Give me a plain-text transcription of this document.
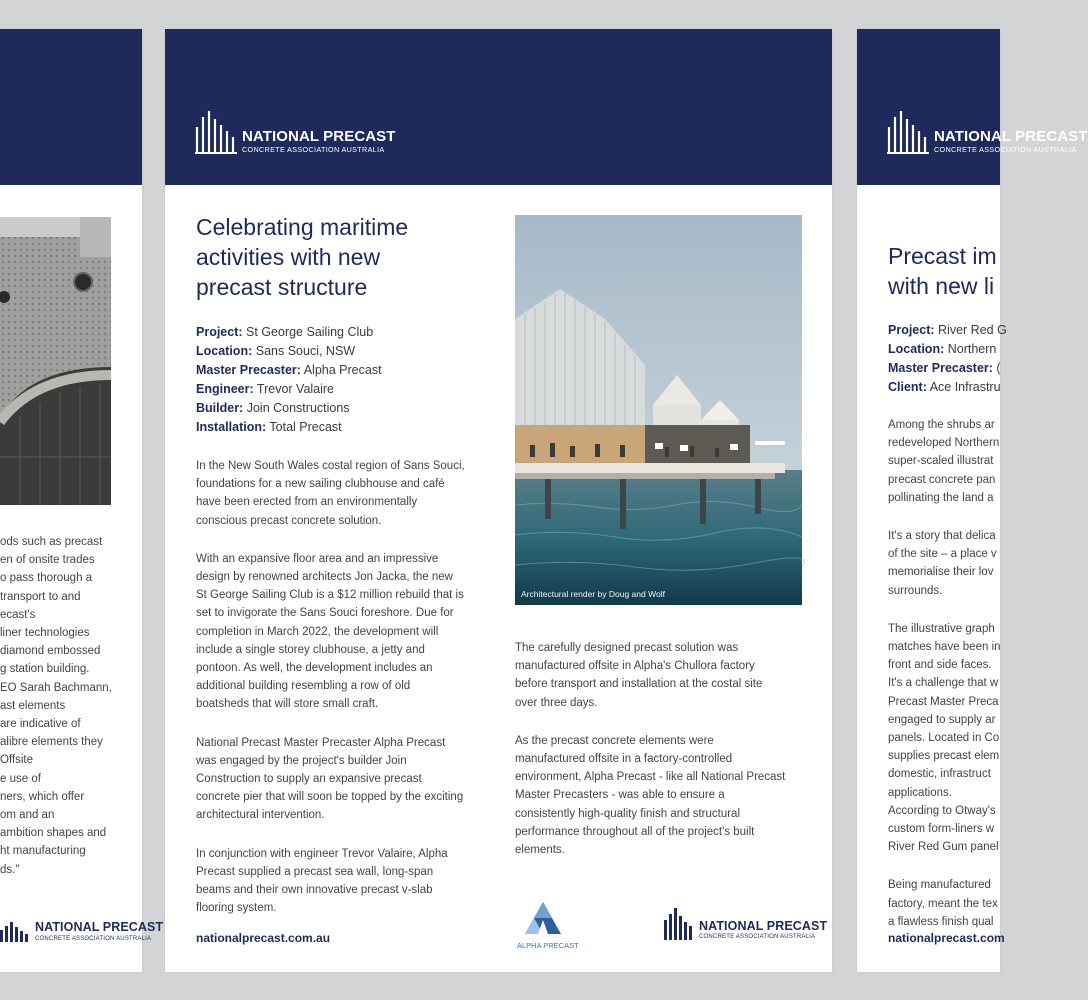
ods such as precast
en of onsite trades
o pass thorough a
transport to and
ecast's
liner technologies
diamond embossed
g station building.
EO Sarah Bachmann,
ast elements
are indicative of
alibre elements they
Offsite
e use of
ners, which offer
om and an
ambition shapes and
ht manufacturing
ds."

NATIONAL PRECAST
CONCRETE ASSOCIATION AUSTRALIA
NATIONAL PRECAST
CONCRETE ASSOCIATION AUSTRALIA
Celebrating maritime
activities with new
precast structure
Project: St George Sailing Club
Location: Sans Souci, NSW
Master Precaster: Alpha Precast
Engineer: Trevor Valaire
Builder: Join Constructions
Installation: Total Precast

In the New South Wales costal region of Sans Souci,
foundations for a new sailing clubhouse and café
have been erected from an environmentally
conscious precast concrete solution.

With an expansive floor area and an impressive
design by renowned architects Jon Jacka, the new
St George Sailing Club is a $12 million rebuild that is
set to invigorate the Sans Souci foreshore. Due for
completion in March 2022, the development will
include a single storey clubhouse, a jetty and
pontoon. As well, the development includes an
additional building resembling a row of old
boatsheds that will store small craft.

National Precast Master Precaster Alpha Precast
was engaged by the project's builder Join
Construction to supply an expansive precast
concrete pier that will soon be topped by the exciting
architectural intervention.

In conjunction with engineer Trevor Valaire, Alpha
Precast supplied a precast sea wall, long-span
beams and their own innovative precast v-slab
flooring system.

Architectural render by Doug and Wolf

The carefully designed precast solution was
manufactured offsite in Alpha's Chullora factory
before transport and installation at the costal site
over three days.

As the precast concrete elements were
manufactured offsite in a factory-controlled
environment, Alpha Precast - like all National Precast
Master Precasters - was able to ensure a
consistently high-quality finish and structural
performance throughout all of the project's built
elements.

nationalprecast.com.au
ALPHA PRECAST
NATIONAL PRECAST
CONCRETE ASSOCIATION AUSTRALIA
NATIONAL PRECAST
CONCRETE ASSOCIATION AUSTRALIA
Precast im
with new li
Project: River Red G
Location: Northern
Master Precaster: (
Client: Ace Infrastru

Among the shrubs ar
redeveloped Northern
super-scaled illustrat
precast concrete pan
pollinating the land a

It's a story that delica
of the site – a place v
memorialise their lov
surrounds.

The illustrative graph
matches have been in
front and side faces.
It's a challenge that w
Precast Master Preca
engaged to supply ar
panels. Located in Co
supplies precast elem
domestic, infrastruct
applications.
According to Otway's
custom form-liners w
River Red Gum panel

Being manufactured
factory, meant the tex
a flawless finish qual

nationalprecast.com
